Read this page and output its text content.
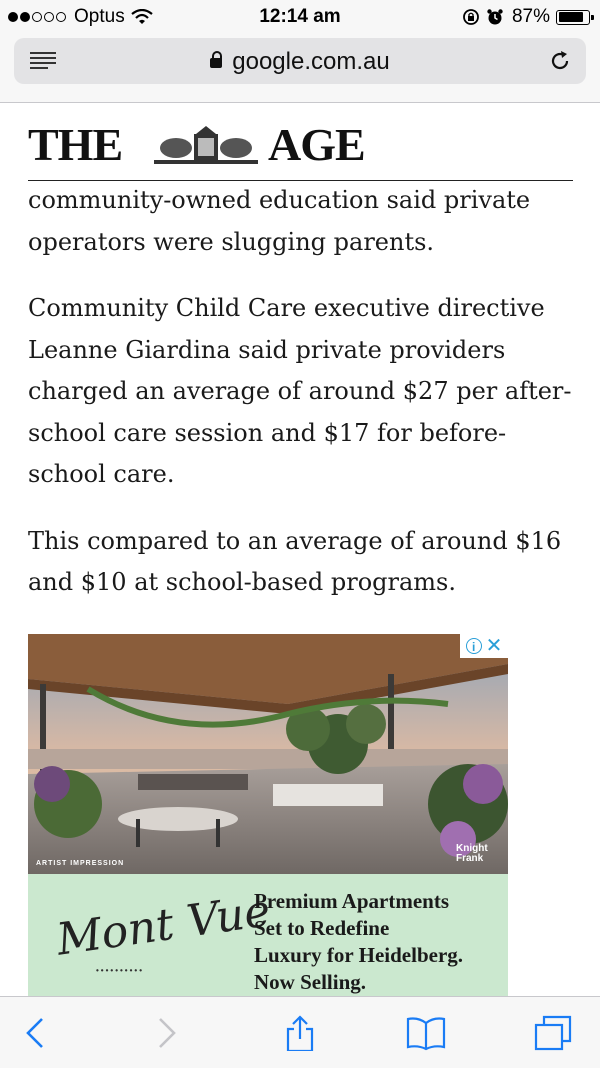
Optus	12:14 am	87%
google.com.au
THE	AGE

community-owned education said private operators were slugging parents.

Community Child Care executive directive Leanne Giardina said private providers charged an average of around $27 per after-school care session and $17 for before-school care.

This compared to an average of around $16 and $10 at school-based programs.

i ✕
ARTIST IMPRESSION
Knight Frank
Mont Vue
••••••••••
Premium Apartments
Set to Redefine
Luxury for Heidelberg.
Now Selling.
